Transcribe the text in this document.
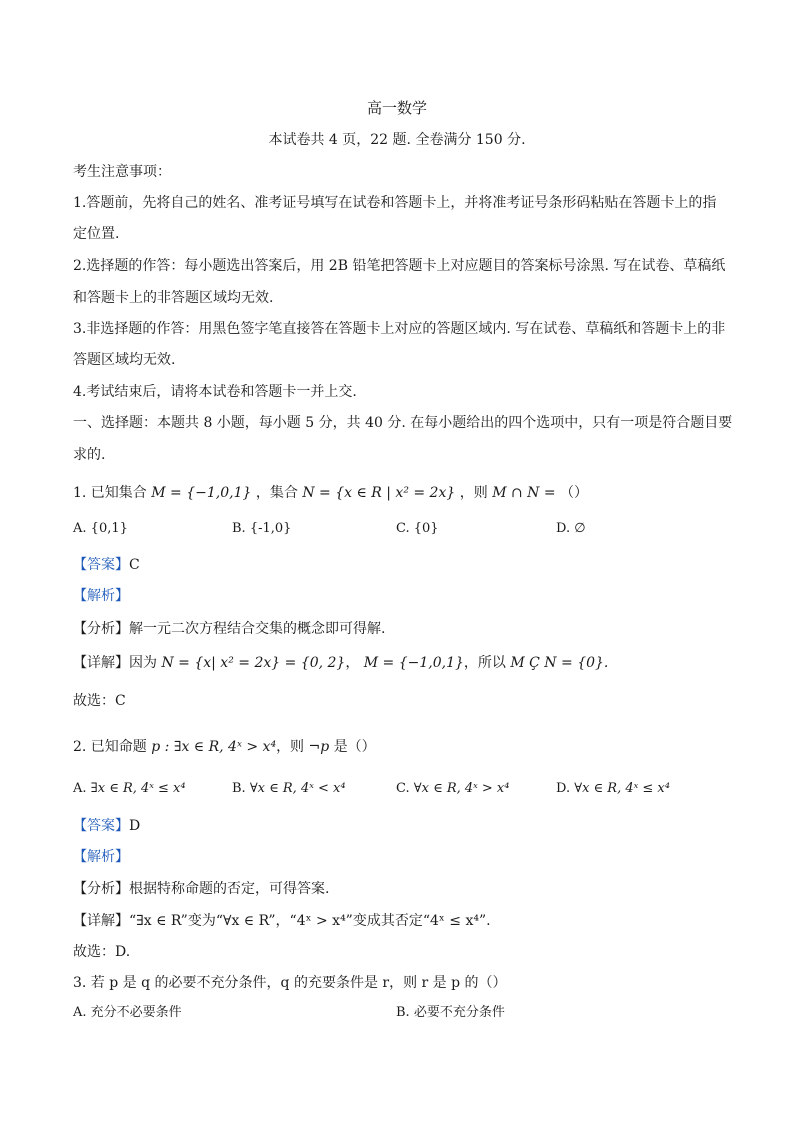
高一数学
本试卷共 4 页，22 题. 全卷满分 150 分.
考生注意事项：
1.答题前，先将自己的姓名、准考证号填写在试卷和答题卡上，并将准考证号条形码粘贴在答题卡上的指
定位置.
2.选择题的作答：每小题选出答案后，用 2B 铅笔把答题卡上对应题目的答案标号涂黑. 写在试卷、草稿纸
和答题卡上的非答题区域均无效.
3.非选择题的作答：用黑色签字笔直接答在答题卡上对应的答题区域内. 写在试卷、草稿纸和答题卡上的非
答题区域均无效.
4.考试结束后，请将本试卷和答题卡一并上交.
一、选择题：本题共 8 小题，每小题 5 分，共 40 分. 在每小题给出的四个选项中，只有一项是符合题目要
求的.
1. 已知集合 M = {−1,0,1} ，集合 N = {x ∈ R | x² = 2x} ，则 M ∩ N = （）
A. {0,1}	B. {-1,0}	C. {0}	D. ∅
【答案】C
【解析】
【分析】解一元二次方程结合交集的概念即可得解.
【详解】因为 N = {x| x² = 2x} = {0, 2}， M = {−1,0,1}，所以 M Ç N = {0}.
故选：C
2. 已知命题 p : ∃x ∈ R, 4ˣ > x⁴，则 ¬p 是（）
A. ∃x ∈ R, 4ˣ ≤ x⁴	B. ∀x ∈ R, 4ˣ < x⁴	C. ∀x ∈ R, 4ˣ > x⁴	D. ∀x ∈ R, 4ˣ ≤ x⁴
【答案】D
【解析】
【分析】根据特称命题的否定，可得答案.
【详解】“∃x ∈ R”变为“∀x ∈ R”，“4ˣ > x⁴”变成其否定“4ˣ ≤ x⁴”.
故选：D.
3. 若 p 是 q 的必要不充分条件，q 的充要条件是 r，则 r 是 p 的（）
A. 充分不必要条件	B. 必要不充分条件
